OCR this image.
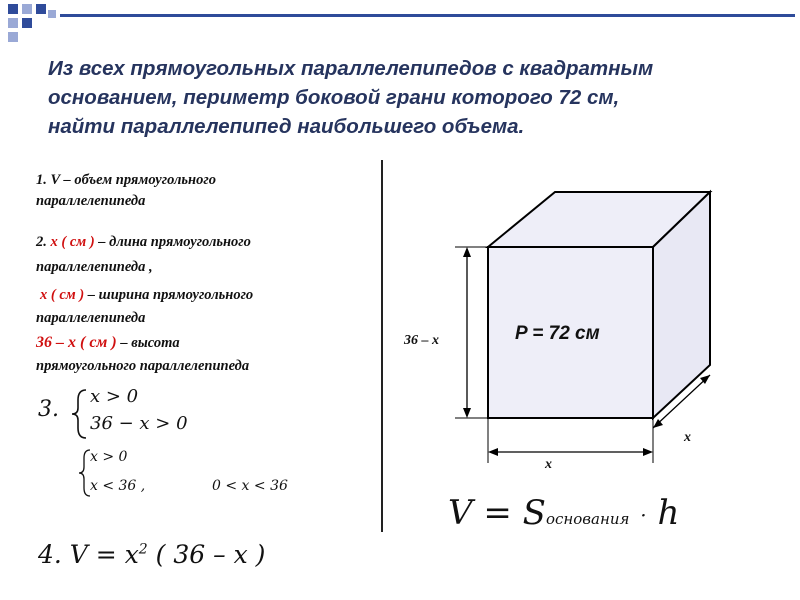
Из всех прямоугольных параллелепипедов с квадратным
основанием, периметр боковой грани которого 72 см,
найти параллелепипед наибольшего объема.
1. V – объем прямоугольного
параллелепипеда
2. х ( см ) – длина прямоугольного
параллелепипеда ,
х ( см ) – ширина прямоугольного
параллелепипеда
36 – х ( см ) – высота
прямоугольного параллелепипеда
3.
x > 0
36 − x > 0
x > 0
x < 36 ,	0 < x < 36
4. $V = x^2$ ( 36 – x )
P = 72 см
36 – х
х
х
V = Sоснования · h
